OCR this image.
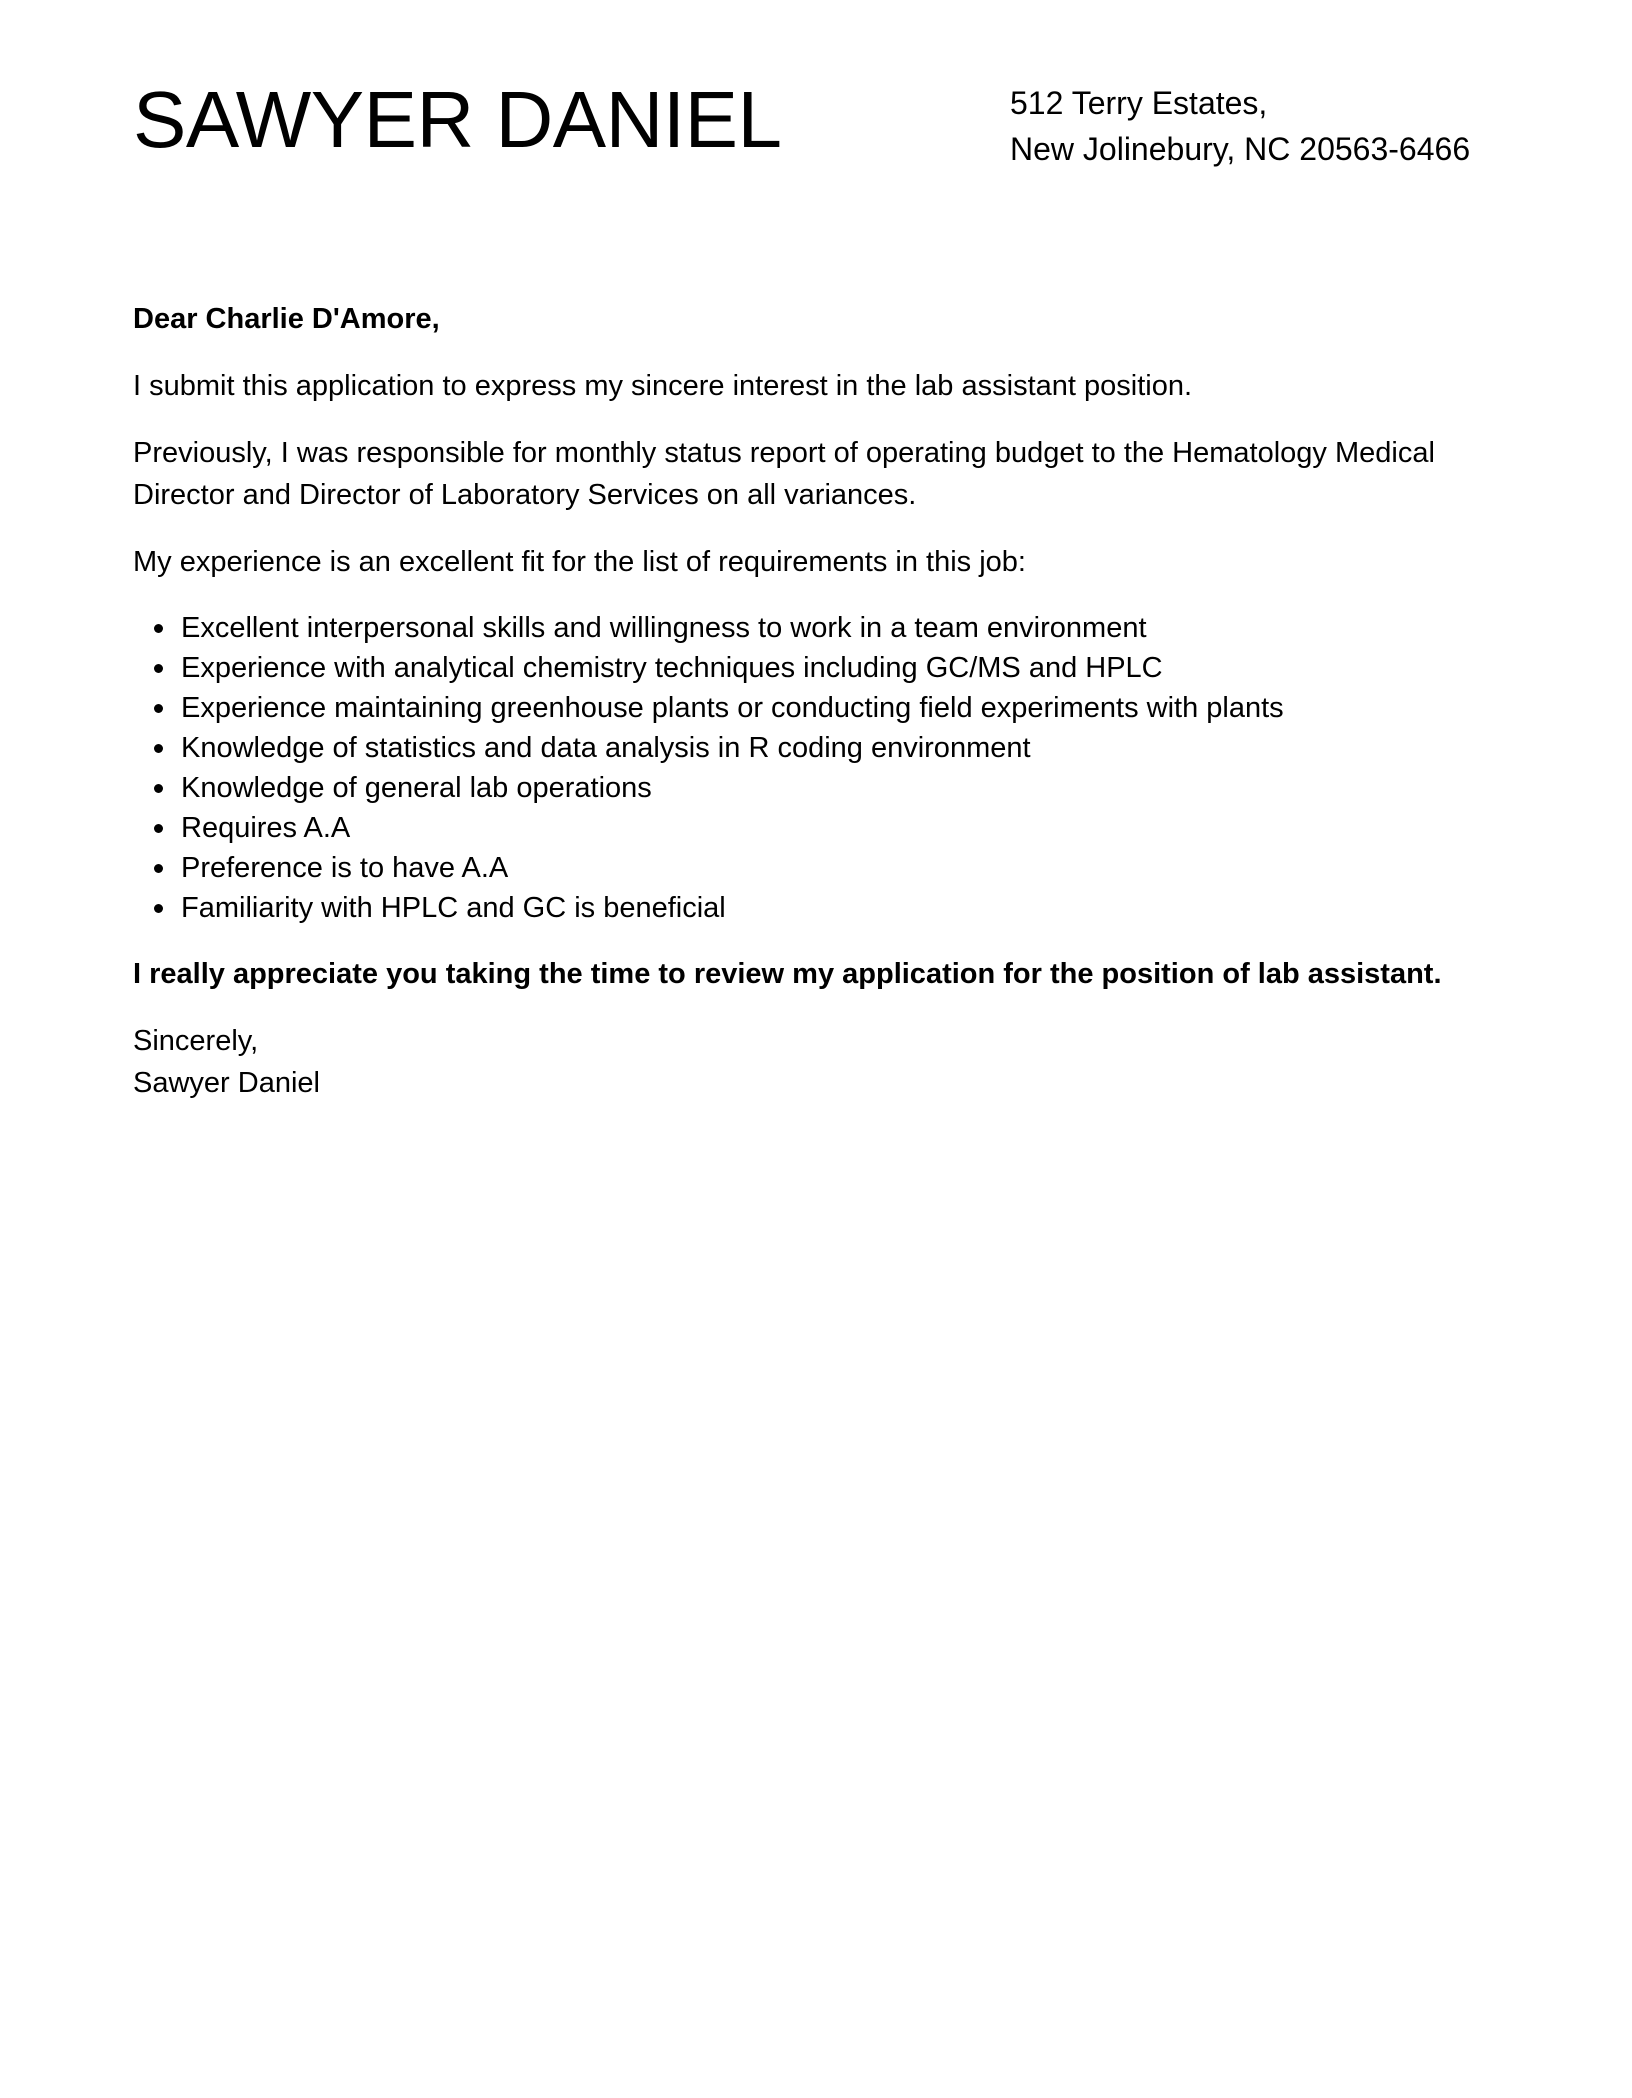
SAWYER DANIEL	512 Terry Estates,
New Jolinebury, NC 20563-6466

Dear Charlie D'Amore,

I submit this application to express my sincere interest in the lab assistant position.

Previously, I was responsible for monthly status report of operating budget to the Hematology Medical Director and Director of Laboratory Services on all variances.

My experience is an excellent fit for the list of requirements in this job:

Excellent interpersonal skills and willingness to work in a team environment
Experience with analytical chemistry techniques including GC/MS and HPLC
Experience maintaining greenhouse plants or conducting field experiments with plants
Knowledge of statistics and data analysis in R coding environment
Knowledge of general lab operations
Requires A.A
Preference is to have A.A
Familiarity with HPLC and GC is beneficial

I really appreciate you taking the time to review my application for the position of lab assistant.

Sincerely,
Sawyer Daniel
